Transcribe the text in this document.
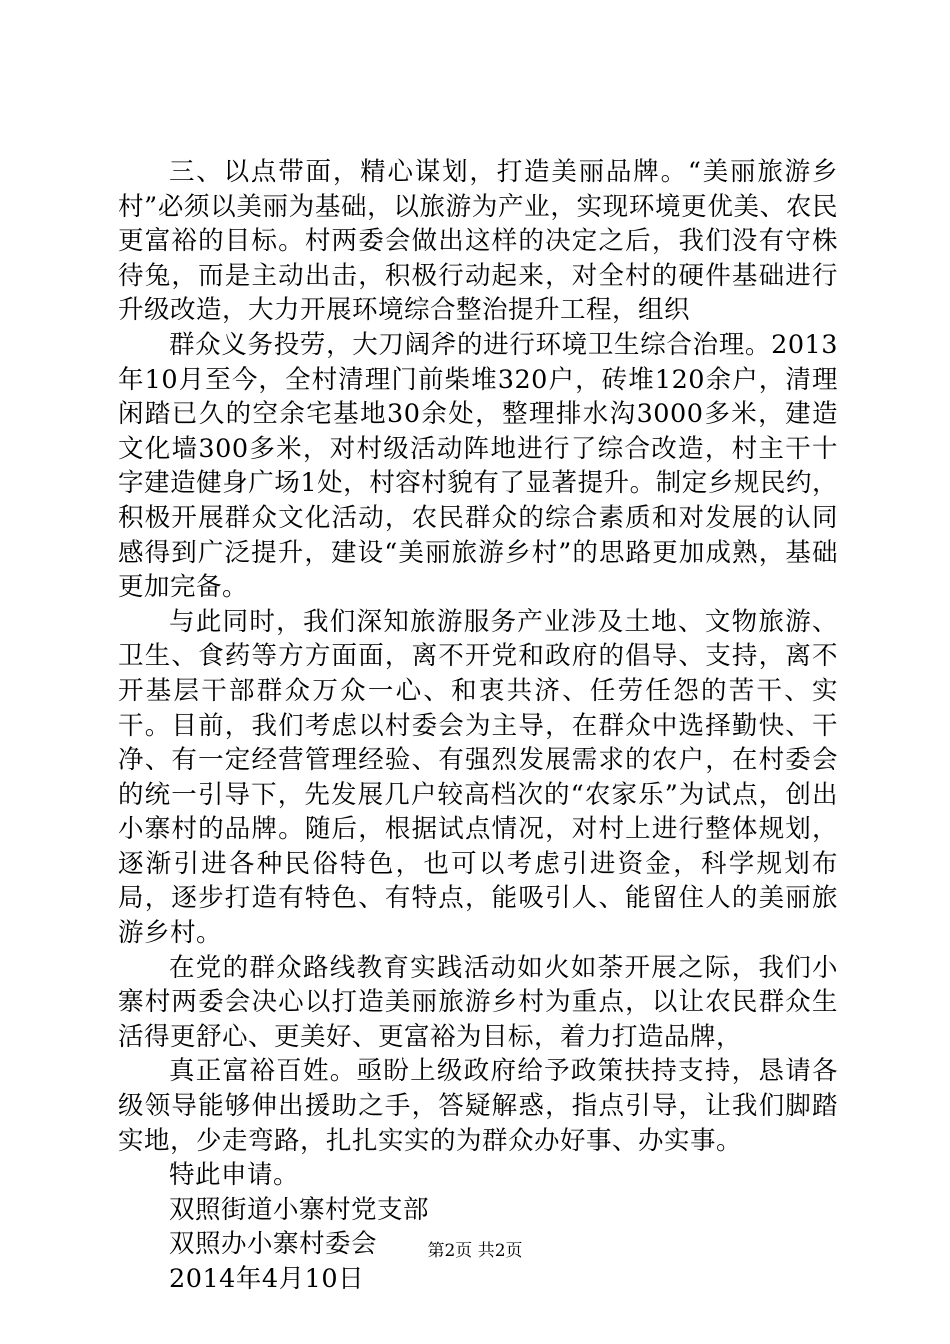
三、以点带面，精心谋划，打造美丽品牌。“美丽旅游乡村”必须以美丽为基础，以旅游为产业，实现环境更优美、农民更富裕的目标。村两委会做出这样的决定之后，我们没有守株待兔，而是主动出击，积极行动起来，对全村的硬件基础进行升级改造，大力开展环境综合整治提升工程，组织

群众义务投劳，大刀阔斧的进行环境卫生综合治理。2013年10月至今，全村清理门前柴堆320户，砖堆120余户，清理闲踏已久的空余宅基地30余处，整理排水沟3000多米，建造文化墙300多米，对村级活动阵地进行了综合改造，村主干十字建造健身广场1处，村容村貌有了显著提升。制定乡规民约，积极开展群众文化活动，农民群众的综合素质和对发展的认同感得到广泛提升，建设“美丽旅游乡村”的思路更加成熟，基础更加完备。

与此同时，我们深知旅游服务产业涉及土地、文物旅游、卫生、食药等方方面面，离不开党和政府的倡导、支持，离不开基层干部群众万众一心、和衷共济、任劳任怨的苦干、实干。目前，我们考虑以村委会为主导，在群众中选择勤快、干净、有一定经营管理经验、有强烈发展需求的农户，在村委会的统一引导下，先发展几户较高档次的“农家乐”为试点，创出小寨村的品牌。随后，根据试点情况，对村上进行整体规划，逐渐引进各种民俗特色，也可以考虑引进资金，科学规划布局，逐步打造有特色、有特点，能吸引人、能留住人的美丽旅游乡村。

在党的群众路线教育实践活动如火如荼开展之际，我们小寨村两委会决心以打造美丽旅游乡村为重点，以让农民群众生活得更舒心、更美好、更富裕为目标，着力打造品牌，

真正富裕百姓。亟盼上级政府给予政策扶持支持，恳请各级领导能够伸出援助之手，答疑解惑，指点引导，让我们脚踏实地，少走弯路，扎扎实实的为群众办好事、办实事。

特此申请。

双照街道小寨村党支部

双照办小寨村委会

2014年4月10日

第2页 共2页
